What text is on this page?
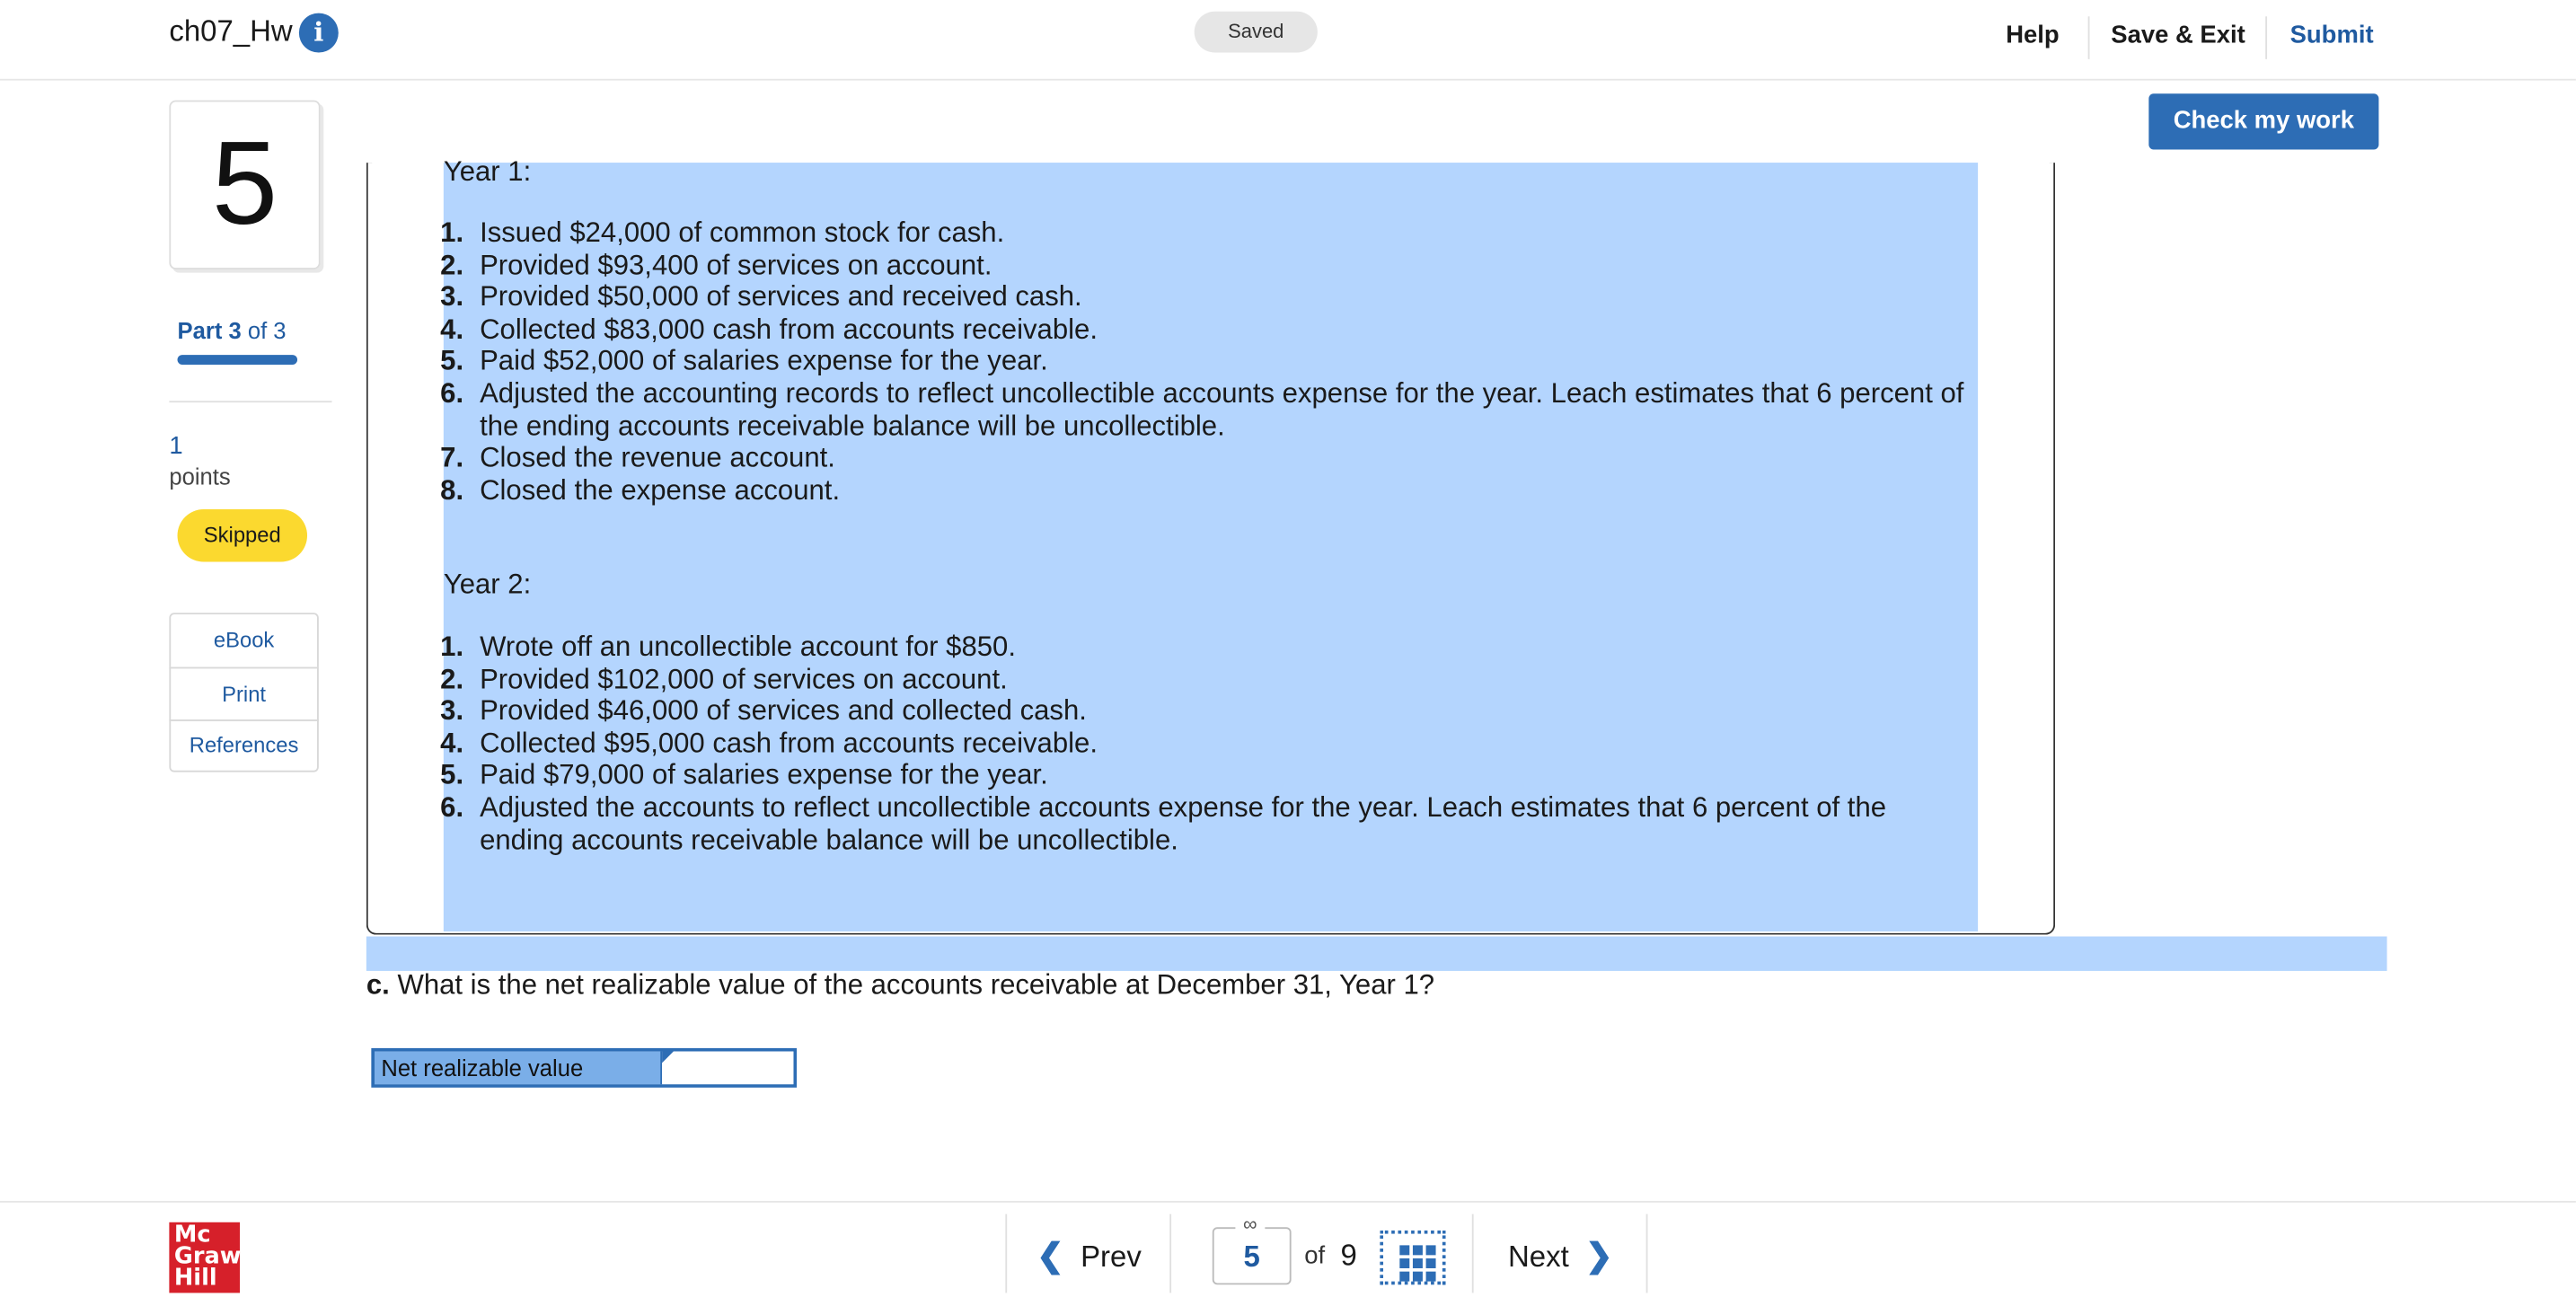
ch07_Hw	i	Saved	Help	Save & Exit	Submit
Check my work
5
Part 3 of 3
1
points
Skipped
eBook
Print
References
Year 1:
1. Issued $24,000 of common stock for cash.
2. Provided $93,400 of services on account.
3. Provided $50,000 of services and received cash.
4. Collected $83,000 cash from accounts receivable.
5. Paid $52,000 of salaries expense for the year.
6. Adjusted the accounting records to reflect uncollectible accounts expense for the year. Leach estimates that 6 percent of the ending accounts receivable balance will be uncollectible.
7. Closed the revenue account.
8. Closed the expense account.
Year 2:
1. Wrote off an uncollectible account for $850.
2. Provided $102,000 of services on account.
3. Provided $46,000 of services and collected cash.
4. Collected $95,000 cash from accounts receivable.
5. Paid $79,000 of salaries expense for the year.
6. Adjusted the accounts to reflect uncollectible accounts expense for the year. Leach estimates that 6 percent of the ending accounts receivable balance will be uncollectible.
c. What is the net realizable value of the accounts receivable at December 31, Year 1?
Net realizable value
Mc
Graw
Hill
❮ Prev	5
∞
of 9	Next ❯
